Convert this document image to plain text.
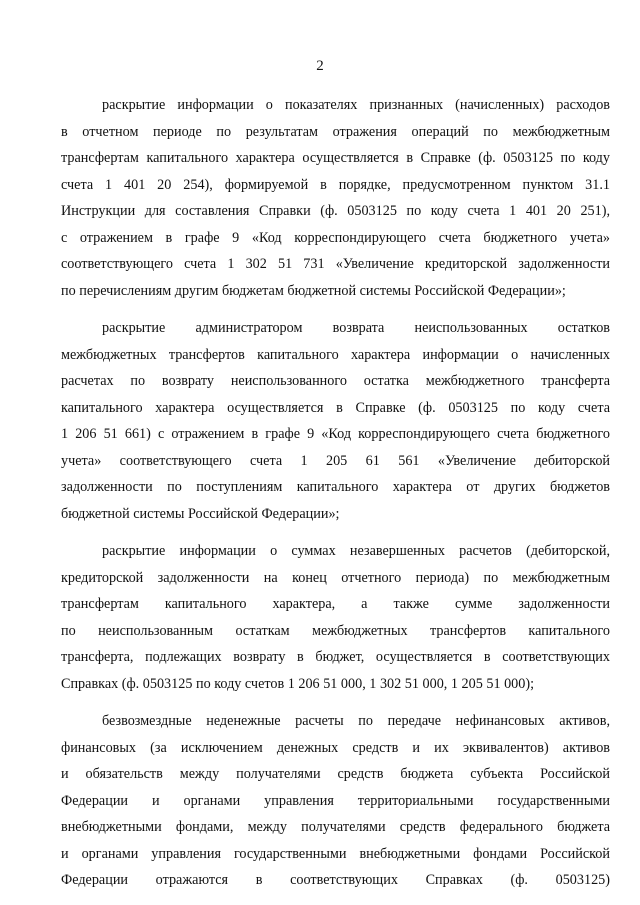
2
раскрытие информации о показателях признанных (начисленных) расходов
в отчетном периоде по результатам отражения операций по межбюджетным
трансфертам капитального характера осуществляется в Справке (ф. 0503125 по коду
счета 1 401 20 254), формируемой в порядке, предусмотренном пунктом 31.1
Инструкции для составления Справки (ф. 0503125 по коду счета 1 401 20 251),
с отражением в графе 9 «Код корреспондирующего счета бюджетного учета»
соответствующего счета 1 302 51 731 «Увеличение кредиторской задолженности
по перечислениям другим бюджетам бюджетной системы Российской Федерации»;
раскрытие администратором возврата неиспользованных остатков
межбюджетных трансфертов капитального характера информации о начисленных
расчетах по возврату неиспользованного остатка межбюджетного трансферта
капитального характера осуществляется в Справке (ф. 0503125 по коду счета
1 206 51 661) с отражением в графе 9 «Код корреспондирующего счета бюджетного
учета» соответствующего счета 1 205 61 561 «Увеличение дебиторской
задолженности по поступлениям капитального характера от других бюджетов
бюджетной системы Российской Федерации»;
раскрытие информации о суммах незавершенных расчетов (дебиторской,
кредиторской задолженности на конец отчетного периода) по межбюджетным
трансфертам капитального характера, а также сумме задолженности
по неиспользованным остаткам межбюджетных трансфертов капитального
трансферта, подлежащих возврату в бюджет, осуществляется в соответствующих
Справках (ф. 0503125 по коду счетов 1 206 51 000, 1 302 51 000, 1 205 51 000);
безвозмездные неденежные расчеты по передаче нефинансовых активов,
финансовых (за исключением денежных средств и их эквивалентов) активов
и обязательств между получателями средств бюджета субъекта Российской
Федерации и органами управления территориальными государственными
внебюджетными фондами, между получателями средств федерального бюджета
и органами управления государственными внебюджетными фондами Российской
Федерации отражаются в соответствующих Справках (ф. 0503125)
